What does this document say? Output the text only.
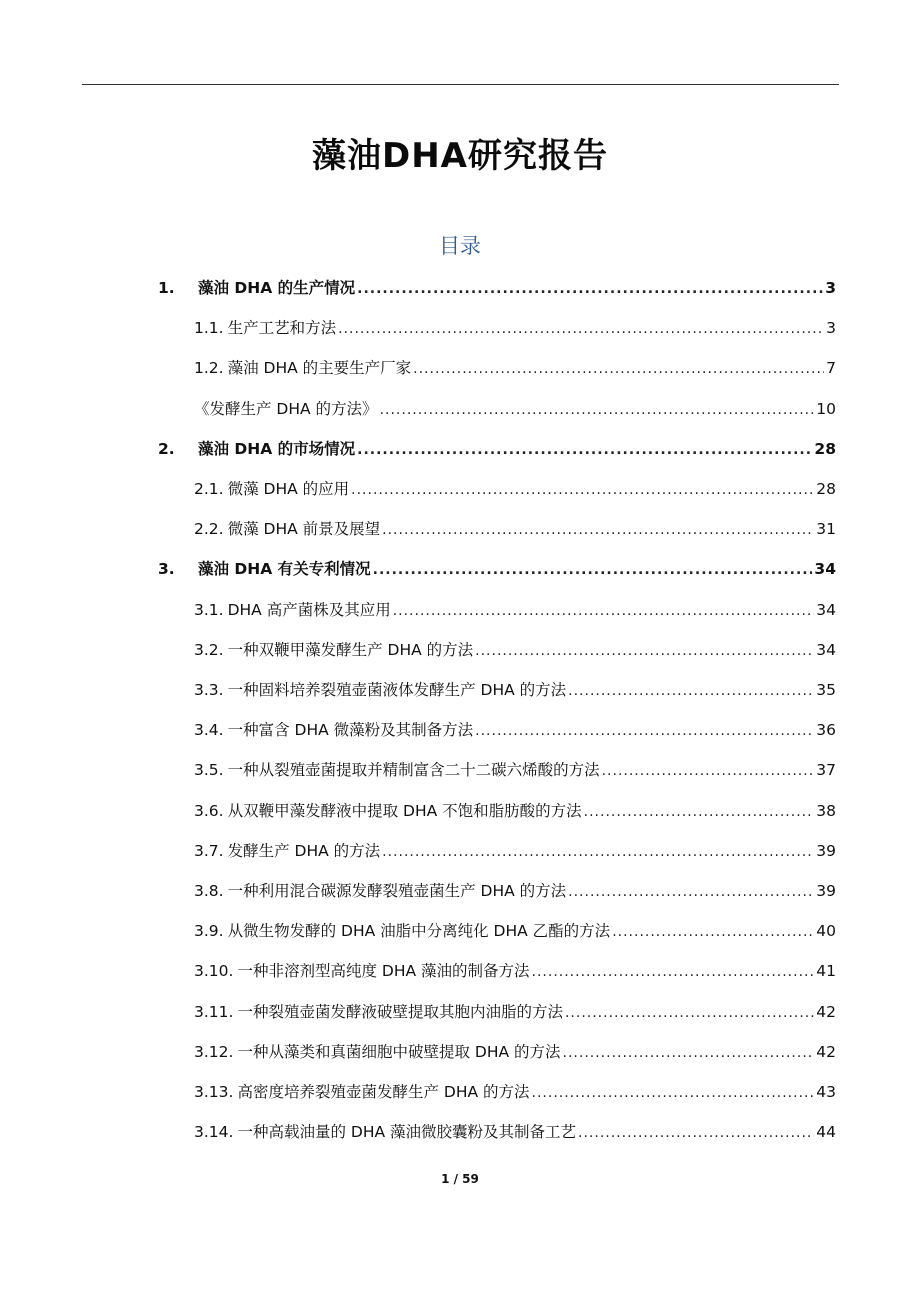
藻油DHA研究报告
目录
1.	藻油 DHA 的生产情况 .....	3
1.1. 生产工艺和方法 .....	3
1.2. 藻油 DHA 的主要生产厂家 .....	7
《发酵生产 DHA 的方法》 .....	10
2.	藻油 DHA 的市场情况 .....	28
2.1. 微藻 DHA 的应用 .....	28
2.2. 微藻 DHA 前景及展望 .....	31
3.	藻油 DHA 有关专利情况 .....	34
3.1. DHA 高产菌株及其应用 .....	34
3.2. 一种双鞭甲藻发酵生产 DHA 的方法 .....	34
3.3. 一种固料培养裂殖壶菌液体发酵生产 DHA 的方法 .....	35
3.4. 一种富含 DHA 微藻粉及其制备方法 .....	36
3.5. 一种从裂殖壶菌提取并精制富含二十二碳六烯酸的方法 .....	37
3.6. 从双鞭甲藻发酵液中提取 DHA 不饱和脂肪酸的方法 .....	38
3.7. 发酵生产 DHA 的方法 .....	39
3.8. 一种利用混合碳源发酵裂殖壶菌生产 DHA 的方法 .....	39
3.9. 从微生物发酵的 DHA 油脂中分离纯化 DHA 乙酯的方法 .....	40
3.10. 一种非溶剂型高纯度 DHA 藻油的制备方法 .....	41
3.11. 一种裂殖壶菌发酵液破壁提取其胞内油脂的方法 .....	42
3.12. 一种从藻类和真菌细胞中破壁提取 DHA 的方法 .....	42
3.13. 高密度培养裂殖壶菌发酵生产 DHA 的方法 .....	43
3.14. 一种高载油量的 DHA 藻油微胶囊粉及其制备工艺 .....	44
1 / 59
